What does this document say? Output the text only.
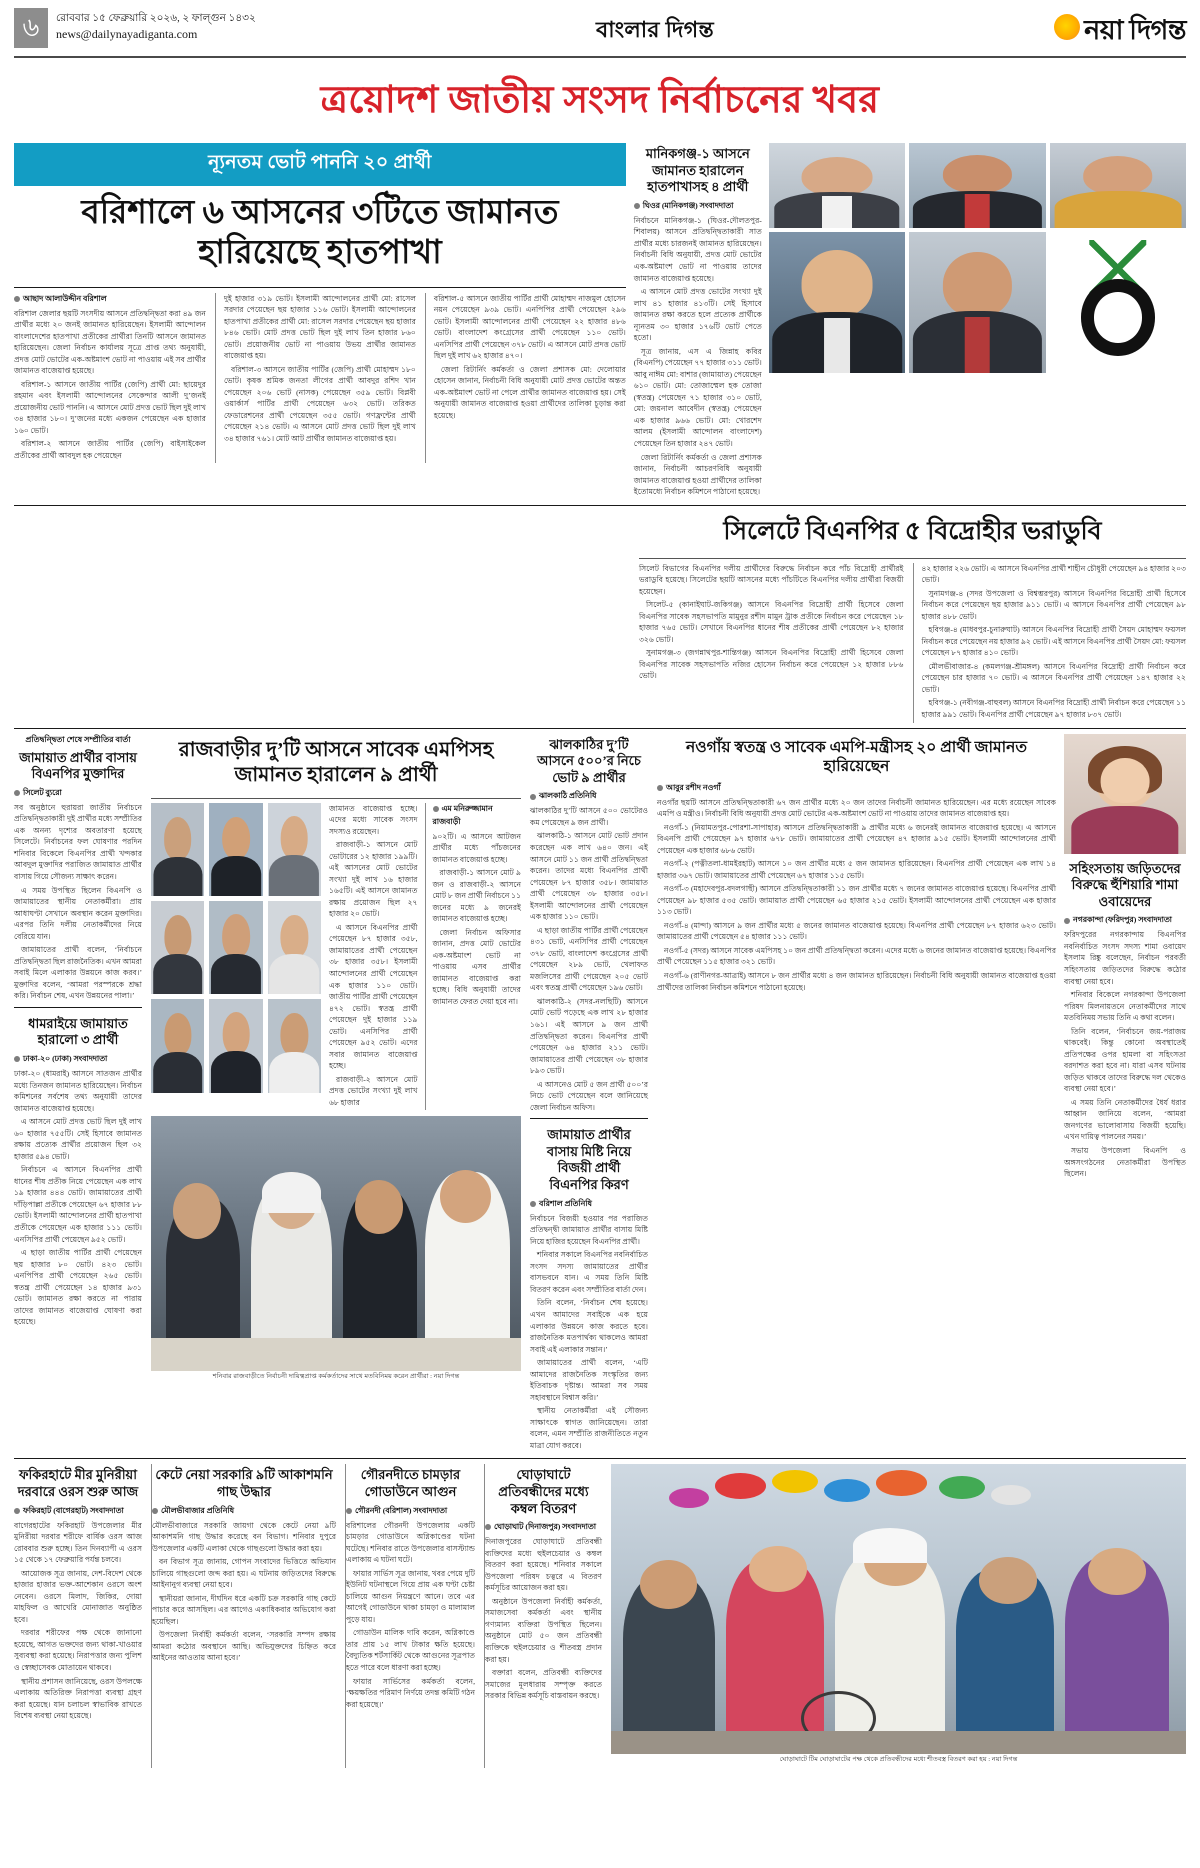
৬	রোববার ১৫ ফেব্রুয়ারি ২০২৬, ২ ফাল্গুন ১৪৩২
news@dailynayadiganta.com	বাংলার দিগন্ত	নয়া দিগন্ত
ত্রয়োদশ জাতীয় সংসদ নির্বাচনের খবর
ন্যূনতম ভোট পাননি ২০ প্রার্থী
বরিশালে ৬ আসনের ৩টিতে জামানত হারিয়েছে হাতপাখা
আছাদ আলাউদ্দীন বরিশাল

বরিশাল জেলার ছয়টি সংসদীয় আসনে প্রতিদ্বন্দ্বিতা করা ৪৯ জন প্রার্থীর মধ্যে ২০ জনই জামানত হারিয়েছেন। ইসলামী আন্দোলন বাংলাদেশের হাতপাখা প্রতীকের প্রার্থীরা তিনটি আসনে জামানত হারিয়েছেন। জেলা নির্বাচন কার্যালয় সূত্রে প্রাপ্ত তথ্য অনুযায়ী, প্রদত্ত মোট ভোটের এক-অষ্টমাংশ ভোট না পাওয়ায় এই সব প্রার্থীর জামানত বাজেয়াপ্ত হয়েছে।

বরিশাল-১ আসনে জাতীয় পার্টির (জেপি) প্রার্থী মো: ছায়েদুর রহমান এবং ইসলামী আন্দোলনের সেকেন্দার আলী দু’জনই প্রয়োজনীয় ভোট পাননি। এ আসনে মোট প্রদত্ত ভোট ছিল দুই লাখ ৩৪ হাজার ১৮০। দু’জনের মধ্যে একজন পেয়েছেন এক হাজার ১৬০ ভোট।

বরিশাল-২ আসনে জাতীয় পার্টির (জেপি) বাইসাইকেল প্রতীকের প্রার্থী আবদুল হক পেয়েছেন

দুই হাজার ৩১৯ ভোট। ইসলামী আন্দোলনের প্রার্থী মো: রাসেল সরদার পেয়েছেন ছয় হাজার ১১৬ ভোট। ইসলামী আন্দোলনের হাতপাখা প্রতীকের প্রার্থী মো: রাসেল সরদার পেয়েছেন ছয় হাজার ৮৪৬ ভোট। মোট প্রদত্ত ভোট ছিল দুই লাখ তিন হাজার ৮৬০ ভোট। প্রয়োজনীয় ভোট না পাওয়ায় উভয় প্রার্থীর জামানত বাজেয়াপ্ত হয়।

বরিশাল-৩ আসনে জাতীয় পার্টির (জেপি) প্রার্থী মোহাম্মদ ১৮০ ভোট। কৃষক শ্রমিক জনতা লীগের প্রার্থী আবদুর রশিদ খান পেয়েছেন ২০৬ ভোট (নাসক) পেয়েছেন ৩৫৯ ভোট। বিপ্লবী ওয়ার্কার্স পার্টির প্রার্থী পেয়েছেন ৬৩২ ভোট। তরিকত ফেডারেশনের প্রার্থী পেয়েছেন ৩৫৫ ভোট। গণফ্রন্টের প্রার্থী পেয়েছেন ২১৪ ভোট। এ আসনে মোট প্রদত্ত ভোট ছিল দুই লাখ ৩৪ হাজার ৭৬১। মোট আট প্রার্থীর জামানত বাজেয়াপ্ত হয়।

বরিশাল-৫ আসনে জাতীয় পার্টির প্রার্থী মোহাম্মদ নাজমুল হোসেন নয়ন পেয়েছেন ৯৩৯ ভোট। এনপিপির প্রার্থী পেয়েছেন ২৯৬ ভোট। ইসলামী আন্দোলনের প্রার্থী পেয়েছেন ২২ হাজার ৪৮৬ ভোট। বাংলাদেশ কংগ্রেসের প্রার্থী পেয়েছেন ১১০ ভোট। এনসিপির প্রার্থী পেয়েছেন ৩৭৮ ভোট। এ আসনে মোট প্রদত্ত ভোট ছিল দুই লাখ ৬২ হাজার ৪৭০।

জেলা রিটার্নিং কর্মকর্তা ও জেলা প্রশাসক মো: দেলোয়ার হোসেন জানান, নির্বাচনী বিধি অনুযায়ী মোট প্রদত্ত ভোটের অন্তত এক-অষ্টমাংশ ভোট না পেলে প্রার্থীর জামানত বাজেয়াপ্ত হয়। সেই অনুযায়ী জামানত বাজেয়াপ্ত হওয়া প্রার্থীদের তালিকা চূড়ান্ত করা হয়েছে।

মানিকগঞ্জ-১ আসনে জামানত হারালেন হাতপাখাসহ ৪ প্রার্থী
ঘিওর (মানিকগঞ্জ) সংবাদদাতা

নির্বাচনে মানিকগঞ্জ-১ (ঘিওর-দৌলতপুর-শিবালয়) আসনে প্রতিদ্বন্দ্বিতাকারী সাত প্রার্থীর মধ্যে চারজনই জামানত হারিয়েছেন। নির্বাচনী বিধি অনুযায়ী, প্রদত্ত মোট ভোটের এক-অষ্টমাংশ ভোট না পাওয়ায় তাদের জামানত বাজেয়াপ্ত হয়েছে।

এ আসনে মোট প্রদত্ত ভোটের সংখ্যা দুই লাখ ৪১ হাজার ৪১৩টি। সেই হিসাবে জামানত রক্ষা করতে হলে প্রত্যেক প্রার্থীকে ন্যূনতম ৩০ হাজার ১৭৬টি ভোট পেতে হতো।

সূত্র জানায়, এস এ জিন্নাহ কবির (বিএনপি) পেয়েছেন ৭৭ হাজার ৩১১ ভোট। আবু নাঈম মো: বাশার (জামায়াত) পেয়েছেন ৬১০ ভোট। মো: তোজাম্মেল হক তোজা (স্বতন্ত্র) পেয়েছেন ৭১ হাজার ৩১০ ভোট, মো: জয়নাল আবেদীন (স্বতন্ত্র) পেয়েছেন এক হাজার ৯৬৬ ভোট। মো: খোরশেদ আলম (ইসলামী আন্দোলন বাংলাদেশ) পেয়েছেন তিন হাজার ২৪৭ ভোট।

জেলা রিটার্নিং কর্মকর্তা ও জেলা প্রশাসক জানান, নির্বাচনী আচরণবিধি অনুযায়ী জামানত বাজেয়াপ্ত হওয়া প্রার্থীদের তালিকা ইতোমধ্যে নির্বাচন কমিশনে পাঠানো হয়েছে।

সিলেটে বিএনপির ৫ বিদ্রোহীর ভরাডুবি

সিলেট বিভাগের বিএনপির দলীয় প্রার্থীদের বিরুদ্ধে নির্বাচন করে পাঁচ বিদ্রোহী প্রার্থীরই ভরাডুবি হয়েছে। সিলেটের ছয়টি আসনের মধ্যে পাঁচটিতে বিএনপির দলীয় প্রার্থীরা বিজয়ী হয়েছেন।

সিলেট-৫ (কানাইঘাট-জকিগঞ্জ) আসনে বিএনপির বিদ্রোহী প্রার্থী হিসেবে জেলা বিএনপির সাবেক সহসভাপতি মামুনুর রশীদ মামুন ট্রাক প্রতীকে নির্বাচন করে পেয়েছেন ১৮ হাজার ৭৬৫ ভোট। সেখানে বিএনপির ধানের শীষ প্রতীকের প্রার্থী পেয়েছেন ৮২ হাজার ৩২৬ ভোট।

সুনামগঞ্জ-৩ (জগন্নাথপুর-শান্তিগঞ্জ) আসনে বিএনপির বিদ্রোহী প্রার্থী হিসেবে জেলা বিএনপির সাবেক সহসভাপতি নজির হোসেন নির্বাচন করে পেয়েছেন ১২ হাজার ৮৮৬ ভোট।

৪২ হাজার ২২৬ ভোট। এ আসনে বিএনপির প্রার্থী শাহীন চৌধুরী পেয়েছেন ৯৪ হাজার ২০৩ ভোট।

সুনামগঞ্জ-৪ (সদর উপজেলা ও বিশ্বম্ভরপুর) আসনে বিএনপির বিদ্রোহী প্রার্থী হিসেবে নির্বাচন করে পেয়েছেন ছয় হাজার ৯১১ ভোট। এ আসনে বিএনপির প্রার্থী পেয়েছেন ৯৮ হাজার ৪৮৮ ভোট।

হবিগঞ্জ-৪ (মাধবপুর-চুনারুঘাট) আসনে বিএনপির বিদ্রোহী প্রার্থী সৈয়দ মোহাম্মদ ফয়সল নির্বাচন করে পেয়েছেন নয় হাজার ৯২ ভোট। এই আসনে বিএনপির প্রার্থী সৈয়দ মো: ফয়সল পেয়েছেন ৮৭ হাজার ৪১০ ভোট।

মৌলভীবাজার-৪ (কমলগঞ্জ-শ্রীমঙ্গল) আসনে বিএনপির বিদ্রোহী প্রার্থী নির্বাচন করে পেয়েছেন চার হাজার ৭০ ভোট। এ আসনে বিএনপির প্রার্থী পেয়েছেন ১৪৭ হাজার ২২ ভোট।

হবিগঞ্জ-১ (নবীগঞ্জ-বাহুবল) আসনে বিএনপির বিদ্রোহী প্রার্থী নির্বাচন করে পেয়েছেন ১১ হাজার ৯৯১ ভোট। বিএনপির প্রার্থী পেয়েছেন ৯৭ হাজার ৮৩৭ ভোট।

প্রতিদ্বন্দ্বিতা শেষে সম্প্রীতির বার্তা
জামায়াত প্রার্থীর বাসায় বিএনপির মুক্তাদির
সিলেট ব্যুরো

সব অনুষ্ঠানে হুরায়রা জাতীয় নির্বাচনে প্রতিদ্বন্দ্বিতাকারী দুই প্রার্থীর মধ্যে সম্প্রীতির এক অনন্য দৃশ্যের অবতারণা হয়েছে সিলেটে। নির্বাচনের ফল ঘোষণার পরদিন শনিবার বিকেলে বিএনপির প্রার্থী খন্দকার আবদুল মুক্তাদির পরাজিত জামায়াত প্রার্থীর বাসায় গিয়ে সৌজন্য সাক্ষাৎ করেন।

এ সময় উপস্থিত ছিলেন বিএনপি ও জামায়াতের স্থানীয় নেতাকর্মীরা। প্রায় আধাঘণ্টা সেখানে অবস্থান করেন মুক্তাদির। এরপর তিনি দলীয় নেতাকর্মীদের নিয়ে বেরিয়ে যান।

জামায়াতের প্রার্থী বলেন, ‘নির্বাচনে প্রতিদ্বন্দ্বিতা ছিল রাজনৈতিক। এখন আমরা সবাই মিলে এলাকার উন্নয়নে কাজ করব।’ মুক্তাদির বলেন, ‘আমরা পরস্পরকে শ্রদ্ধা করি। নির্বাচন শেষ, এখন উন্নয়নের পালা।’

ধামরাইয়ে জামায়াত হারালো ৩ প্রার্থী
ঢাকা-২০ (ঢাকা) সংবাদদাতা

ঢাকা-২০ (ধামরাই) আসনে সাতজন প্রার্থীর মধ্যে তিনজন জামানত হারিয়েছেন। নির্বাচন কমিশনের সর্বশেষ তথ্য অনুযায়ী তাদের জামানত বাজেয়াপ্ত হয়েছে।

এ আসনে মোট প্রদত্ত ভোট ছিল দুই লাখ ৬০ হাজার ৭৫৫টি। সেই হিসাবে জামানত রক্ষায় প্রত্যেক প্রার্থীর প্রয়োজন ছিল ৩২ হাজার ৫৯৪ ভোট।

নির্বাচনে এ আসনে বিএনপির প্রার্থী ধানের শীষ প্রতীক নিয়ে পেয়েছেন এক লাখ ১৯ হাজার ৪৪৪ ভোট। জামায়াতের প্রার্থী দাঁড়িপাল্লা প্রতীকে পেয়েছেন ৬৭ হাজার ৮৮ ভোট। ইসলামী আন্দোলনের প্রার্থী হাতপাখা প্রতীকে পেয়েছেন এক হাজার ১১১ ভোট। এনসিপির প্রার্থী পেয়েছেন ৯৫২ ভোট।

এ ছাড়া জাতীয় পার্টির প্রার্থী পেয়েছেন ছয় হাজার ৮০ ভোট। ৪২৩ ভোট। এনপিপির প্রার্থী পেয়েছেন ২৬৫ ভোট। স্বতন্ত্র প্রার্থী পেয়েছেন ১৪ হাজার ৯৩১ ভোট। জামানত রক্ষা করতে না পারায় তাদের জামানত বাজেয়াপ্ত ঘোষণা করা হয়েছে।

রাজবাড়ীর দু’টি আসনে সাবেক এমপিসহ জামানত হারালেন ৯ প্রার্থী

জামানত বাজেয়াপ্ত হচ্ছে। এদের মধ্যে সাবেক সংসদ সদস্যও রয়েছেন।

রাজবাড়ী-১ আসনে মোট ভোটারের ১২ হাজার ১৯৯টি। এই আসনের মোট ভোটের সংখ্যা দুই লাখ ১৬ হাজার ১৬৫টি। এই আসনে জামানত রক্ষায় প্রয়োজন ছিল ২৭ হাজার ২০ ভোট।

এ আসনে বিএনপির প্রার্থী পেয়েছেন ৮৭ হাজার ৩৫৮, জামায়াতের প্রার্থী পেয়েছেন ৩৮ হাজার ৩৫৮। ইসলামী আন্দোলনের প্রার্থী পেয়েছেন এক হাজার ১১০ ভোট। জাতীয় পার্টির প্রার্থী পেয়েছেন ৪৭২ ভোট। স্বতন্ত্র প্রার্থী পেয়েছেন দুই হাজার ১১৯ ভোট। এনসিপির প্রার্থী পেয়েছেন ৯৫২ ভোট। এদের সবার জামানত বাজেয়াপ্ত হচ্ছে।

রাজবাড়ী-২ আসনে মোট প্রদত্ত ভোটের সংখ্যা দুই লাখ ৬৮ হাজার

এম মনিরুজ্জামান রাজবাড়ী

৯০২টি। এ আসনে আটজন প্রার্থীর মধ্যে পাঁচজনের জামানত বাজেয়াপ্ত হচ্ছে।

রাজবাড়ী-১ আসনে মোট ৯ জন ও রাজবাড়ী-২ আসনে মোট ৮ জন প্রার্থী নির্বাচনে ১১ জনের মধ্যে ৯ জনেরই জামানত বাজেয়াপ্ত হচ্ছে।

জেলা নির্বাচন অফিসার জানান, প্রদত্ত মোট ভোটের এক-অষ্টমাংশ ভোট না পাওয়ায় এসব প্রার্থীর জামানত বাজেয়াপ্ত করা হচ্ছে। বিধি অনুযায়ী তাদের জামানত ফেরত দেয়া হবে না।

শনিবার রাজবাড়ীতে নির্বাচনী দায়িত্বপ্রাপ্ত কর্মকর্তাদের সাথে মতবিনিময় করেন প্রার্থীরা : নয়া দিগন্ত
ঝালকাঠির দু’টি আসনে ৫০০’র নিচে ভোট ৯ প্রার্থীর
ঝালকাঠি প্রতিনিধি

ঝালকাঠির দু’টি আসনে ৫০০ ভোটেরও কম পেয়েছেন ৯ জন প্রার্থী।

ঝালকাঠি-১ আসনে মোট ভোট প্রদান করেছেন এক লাখ ৬৪০ জন। এই আসনে মোট ১১ জন প্রার্থী প্রতিদ্বন্দ্বিতা করেন। তাদের মধ্যে বিএনপির প্রার্থী পেয়েছেন ৮৭ হাজার ৩৫৮। জামায়াত প্রার্থী পেয়েছেন ৩৮ হাজার ৩৫৮। ইসলামী আন্দোলনের প্রার্থী পেয়েছেন এক হাজার ১১০ ভোট।

এ ছাড়া জাতীয় পার্টির প্রার্থী পেয়েছেন ৪৩১ ভোট, এনসিপির প্রার্থী পেয়েছেন ৩৭৮ ভোট, বাংলাদেশ কংগ্রেসের প্রার্থী পেয়েছেন ২৮৯ ভোট, খেলাফত মজলিসের প্রার্থী পেয়েছেন ২০৫ ভোট এবং স্বতন্ত্র প্রার্থী পেয়েছেন ১৯৬ ভোট।

ঝালকাঠি-২ (সদর-নলছিটি) আসনে মোট ভোট পড়েছে এক লাখ ২৮ হাজার ১৬১। এই আসনে ৯ জন প্রার্থী প্রতিদ্বন্দ্বিতা করেন। বিএনপির প্রার্থী পেয়েছেন ৬৪ হাজার ২১১ ভোট। জামায়াতের প্রার্থী পেয়েছেন ৩৮ হাজার ৮৯৩ ভোট।

এ আসনেও মোট ৫ জন প্রার্থী ৫০০’র নিচে ভোট পেয়েছেন বলে জানিয়েছে জেলা নির্বাচন অফিস।

জামায়াত প্রার্থীর বাসায় মিষ্টি নিয়ে বিজয়ী প্রার্থী বিএনপির কিরণ
বরিশাল প্রতিনিধি

নির্বাচনে বিজয়ী হওয়ার পর পরাজিত প্রতিদ্বন্দ্বী জামায়াত প্রার্থীর বাসায় মিষ্টি নিয়ে হাজির হয়েছেন বিএনপির প্রার্থী।

শনিবার সকালে বিএনপির নবনির্বাচিত সংসদ সদস্য জামায়াতের প্রার্থীর বাসভবনে যান। এ সময় তিনি মিষ্টি বিতরণ করেন এবং সম্প্রীতির বার্তা দেন।

তিনি বলেন, ‘নির্বাচন শেষ হয়েছে। এখন আমাদের সবাইকে এক হয়ে এলাকার উন্নয়নে কাজ করতে হবে। রাজনৈতিক মতপার্থক্য থাকলেও আমরা সবাই এই এলাকার সন্তান।’

জামায়াতের প্রার্থী বলেন, ‘এটি আমাদের রাজনৈতিক সংস্কৃতির জন্য ইতিবাচক দৃষ্টান্ত। আমরা সব সময় সহাবস্থানে বিশ্বাস করি।’

স্থানীয় নেতাকর্মীরা এই সৌজন্য সাক্ষাৎকে স্বাগত জানিয়েছেন। তারা বলেন, এমন সম্প্রীতি রাজনীতিতে নতুন মাত্রা যোগ করবে।

নওগাঁয় স্বতন্ত্র ও সাবেক এমপি-মন্ত্রীসহ ২০ প্রার্থী জামানত হারিয়েছেন
আবুর রশীদ নওগাঁ

নওগাঁর ছয়টি আসনে প্রতিদ্বন্দ্বিতাকারী ৬৭ জন প্রার্থীর মধ্যে ২০ জন তাদের নির্বাচনী জামানত হারিয়েছেন। এর মধ্যে রয়েছেন সাবেক এমপি ও মন্ত্রীও। নির্বাচনী বিধি অনুযায়ী প্রদত্ত মোট ভোটের এক-অষ্টমাংশ ভোট না পাওয়ায় তাদের জামানত বাজেয়াপ্ত হয়।

নওগাঁ-১ (নিয়ামতপুর-পোরশা-সাপাহার) আসনে প্রতিদ্বন্দ্বিতাকারী ৯ প্রার্থীর মধ্যে ৬ জনেরই জামানত বাজেয়াপ্ত হয়েছে। এ আসনে বিএনপি প্রার্থী পেয়েছেন ৯৭ হাজার ৬৭৮ ভোট। জামায়াতের প্রার্থী পেয়েছেন ৪৭ হাজার ৯১৫ ভোট। ইসলামী আন্দোলনের প্রার্থী পেয়েছেন এক হাজার ৬৮৬ ভোট।

নওগাঁ-২ (পত্নীতলা-ধামইরহাট) আসনে ১০ জন প্রার্থীর মধ্যে ৫ জন জামানত হারিয়েছেন। বিএনপির প্রার্থী পেয়েছেন এক লাখ ১৪ হাজার ৩৬৭ ভোট। জামায়াতের প্রার্থী পেয়েছেন ৬৭ হাজার ১১৫ ভোট।

নওগাঁ-৩ (মহাদেবপুর-বদলগাছী) আসনে প্রতিদ্বন্দ্বিতাকারী ১১ জন প্রার্থীর মধ্যে ৭ জনের জামানত বাজেয়াপ্ত হয়েছে। বিএনপির প্রার্থী পেয়েছেন ৯৮ হাজার ৫৩৫ ভোট। জামায়াত প্রার্থী পেয়েছেন ৬৫ হাজার ২১৫ ভোট। ইসলামী আন্দোলনের প্রার্থী পেয়েছেন এক হাজার ১১৩ ভোট।

নওগাঁ-৪ (মান্দা) আসনে ৯ জন প্রার্থীর মধ্যে ৫ জনের জামানত বাজেয়াপ্ত হয়েছে। বিএনপির প্রার্থী পেয়েছেন ৮৭ হাজার ৬২৩ ভোট। জামায়াতের প্রার্থী পেয়েছেন ৫৪ হাজার ১১১ ভোট।

নওগাঁ-৫ (সদর) আসনে সাবেক এমপিসহ ১০ জন প্রার্থী প্রতিদ্বন্দ্বিতা করেন। এদের মধ্যে ৬ জনের জামানত বাজেয়াপ্ত হয়েছে। বিএনপির প্রার্থী পেয়েছেন ১১৫ হাজার ৩২১ ভোট।

নওগাঁ-৬ (রাণীনগর-আত্রাই) আসনে ৮ জন প্রার্থীর মধ্যে ৪ জন জামানত হারিয়েছেন। নির্বাচনী বিধি অনুযায়ী জামানত বাজেয়াপ্ত হওয়া প্রার্থীদের তালিকা নির্বাচন কমিশনে পাঠানো হয়েছে।

সহিংসতায় জড়িতদের বিরুদ্ধে হুঁশিয়ারি শামা ওবায়েদের
নগরকান্দা (ফরিদপুর) সংবাদদাতা

ফরিদপুরের নগরকান্দায় বিএনপির নবনির্বাচিত সংসদ সদস্য শামা ওবায়েদ ইসলাম রিঙ্কু বলেছেন, নির্বাচন পরবর্তী সহিংসতায় জড়িতদের বিরুদ্ধে কঠোর ব্যবস্থা নেয়া হবে।

শনিবার বিকেলে নগরকান্দা উপজেলা পরিষদ মিলনায়তনে নেতাকর্মীদের সাথে মতবিনিময় সভায় তিনি এ কথা বলেন।

তিনি বলেন, ‘নির্বাচনে জয়-পরাজয় থাকবেই। কিন্তু কোনো অবস্থাতেই প্রতিপক্ষের ওপর হামলা বা সহিংসতা বরদাশত করা হবে না। যারা এসব ঘটনায় জড়িত থাকবে তাদের বিরুদ্ধে দল থেকেও ব্যবস্থা নেয়া হবে।’

এ সময় তিনি নেতাকর্মীদের ধৈর্য ধরার আহ্বান জানিয়ে বলেন, ‘আমরা জনগণের ভালোবাসায় বিজয়ী হয়েছি। এখন দায়িত্ব পালনের সময়।’

সভায় উপজেলা বিএনপি ও অঙ্গসংগঠনের নেতাকর্মীরা উপস্থিত ছিলেন।

ফকিরহাটে মীর মুনিরীয়া দরবারে ওরস শুরু আজ
ফকিরহাট (বাগেরহাট) সংবাদদাতা

বাগেরহাটের ফকিরহাট উপজেলার মীর মুনিরীয়া দরবার শরীফে বার্ষিক ওরস আজ রোববার শুরু হচ্ছে। তিন দিনব্যাপী এ ওরস ১৫ থেকে ১৭ ফেব্রুয়ারি পর্যন্ত চলবে।

আয়োজক সূত্র জানায়, দেশ-বিদেশ থেকে হাজার হাজার ভক্ত-আশেকান ওরসে অংশ নেবেন। ওরসে মিলাদ, জিকির, দোয়া মাহফিল ও আখেরি মোনাজাত অনুষ্ঠিত হবে।

দরবার শরীফের পক্ষ থেকে জানানো হয়েছে, আগত ভক্তদের জন্য থাকা-খাওয়ার সুব্যবস্থা করা হয়েছে। নিরাপত্তার জন্য পুলিশ ও স্বেচ্ছাসেবক মোতায়েন থাকবে।

স্থানীয় প্রশাসন জানিয়েছে, ওরস উপলক্ষে এলাকায় অতিরিক্ত নিরাপত্তা ব্যবস্থা গ্রহণ করা হয়েছে। যান চলাচল স্বাভাবিক রাখতে বিশেষ ব্যবস্থা নেয়া হয়েছে।

কেটে নেয়া সরকারি ৯টি আকাশমনি গাছ উদ্ধার
মৌলভীবাজার প্রতিনিধি

মৌলভীবাজারে সরকারি জায়গা থেকে কেটে নেয়া ৯টি আকাশমনি গাছ উদ্ধার করেছে বন বিভাগ। শনিবার দুপুরে উপজেলার একটি এলাকা থেকে গাছগুলো উদ্ধার করা হয়।

বন বিভাগ সূত্র জানায়, গোপন সংবাদের ভিত্তিতে অভিযান চালিয়ে গাছগুলো জব্দ করা হয়। এ ঘটনায় জড়িতদের বিরুদ্ধে আইনানুগ ব্যবস্থা নেয়া হবে।

স্থানীয়রা জানান, দীর্ঘদিন ধরে একটি চক্র সরকারি গাছ কেটে পাচার করে আসছিল। এর আগেও একাধিকবার অভিযোগ করা হয়েছিল।

উপজেলা নির্বাহী কর্মকর্তা বলেন, ‘সরকারি সম্পদ রক্ষায় আমরা কঠোর অবস্থানে আছি। অভিযুক্তদের চিহ্নিত করে আইনের আওতায় আনা হবে।’

গৌরনদীতে চামড়ার গোডাউনে আগুন
গৌরনদী (বরিশাল) সংবাদদাতা

বরিশালের গৌরনদী উপজেলায় একটি চামড়ার গোডাউনে অগ্নিকাণ্ডের ঘটনা ঘটেছে। শনিবার রাতে উপজেলার বাসস্ট্যান্ড এলাকায় এ ঘটনা ঘটে।

ফায়ার সার্ভিস সূত্র জানায়, খবর পেয়ে দুটি ইউনিট ঘটনাস্থলে গিয়ে প্রায় এক ঘণ্টা চেষ্টা চালিয়ে আগুন নিয়ন্ত্রণে আনে। তবে এর আগেই গোডাউনে থাকা চামড়া ও মালামাল পুড়ে যায়।

গোডাউন মালিক দাবি করেন, অগ্নিকাণ্ডে তার প্রায় ১৫ লাখ টাকার ক্ষতি হয়েছে। বৈদ্যুতিক শর্টসার্কিট থেকে আগুনের সূত্রপাত হতে পারে বলে ধারণা করা হচ্ছে।

ফায়ার সার্ভিসের কর্মকর্তা বলেন, ‘ক্ষয়ক্ষতির পরিমাণ নির্ণয়ে তদন্ত কমিটি গঠন করা হয়েছে।’

ঘোড়াঘাটে প্রতিবন্ধীদের মধ্যে কম্বল বিতরণ
ঘোড়াঘাট (দিনাজপুর) সংবাদদাতা

দিনাজপুরের ঘোড়াঘাটে প্রতিবন্ধী ব্যক্তিদের মধ্যে হুইলচেয়ার ও কম্বল বিতরণ করা হয়েছে। শনিবার সকালে উপজেলা পরিষদ চত্বরে এ বিতরণ কর্মসূচির আয়োজন করা হয়।

অনুষ্ঠানে উপজেলা নির্বাহী কর্মকর্তা, সমাজসেবা কর্মকর্তা এবং স্থানীয় গণ্যমান্য ব্যক্তিরা উপস্থিত ছিলেন। অনুষ্ঠানে মোট ৫০ জন প্রতিবন্ধী ব্যক্তিকে হুইলচেয়ার ও শীতবস্ত্র প্রদান করা হয়।

বক্তারা বলেন, প্রতিবন্ধী ব্যক্তিদের সমাজের মূলধারায় সম্পৃক্ত করতে সরকার বিভিন্ন কর্মসূচি বাস্তবায়ন করছে।

ঘোড়াঘাটে টিম ঘোড়াঘাটের পক্ষ থেকে প্রতিবন্ধীদের মধ্যে শীতবস্ত্র বিতরণ করা হয় : নয়া দিগন্ত
